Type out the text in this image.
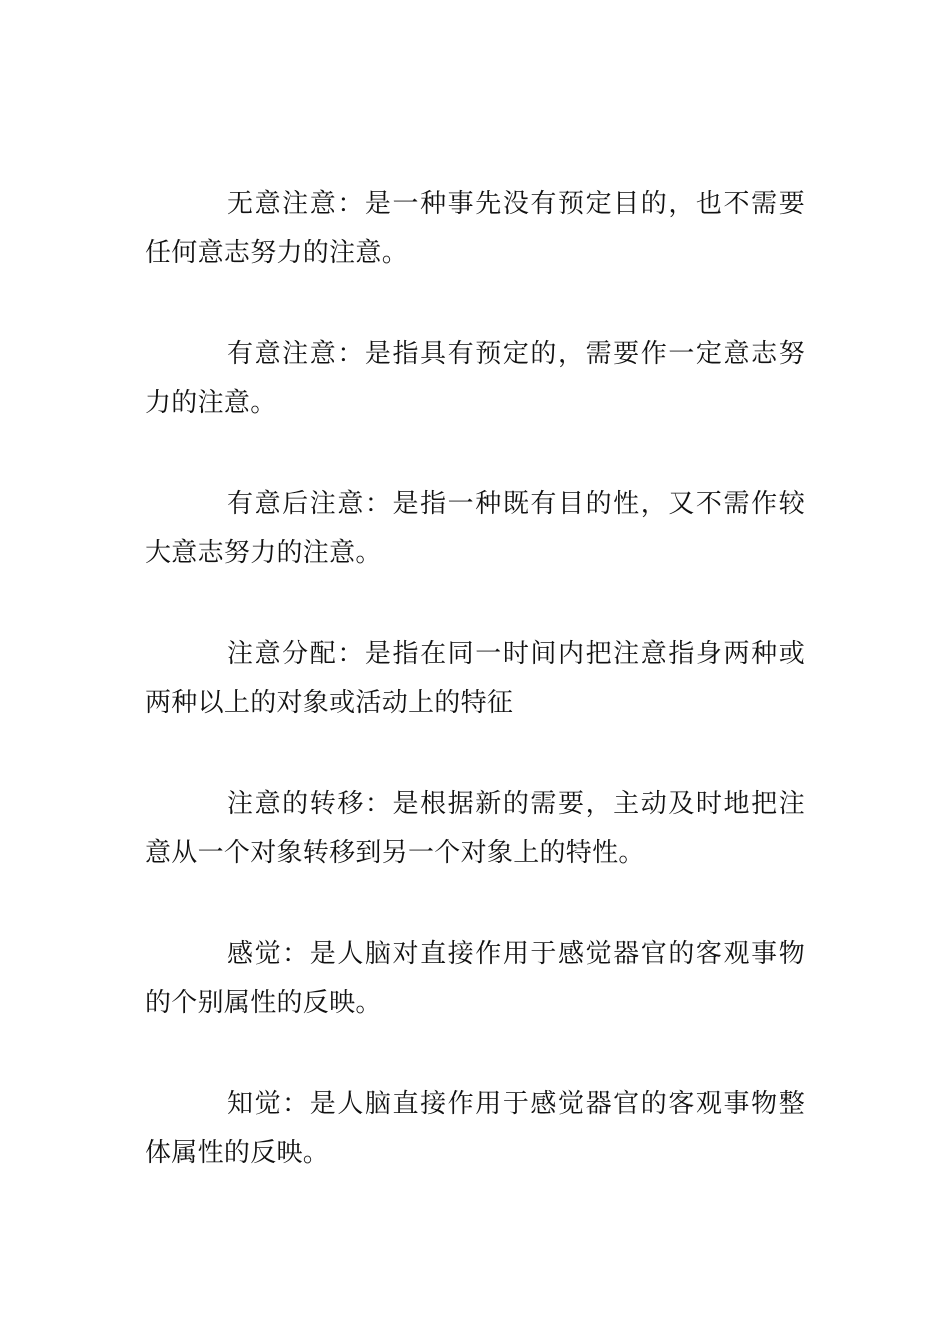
无意注意：是一种事先没有预定目的，也不需要任何意志努力的注意。

有意注意：是指具有预定的，需要作一定意志努力的注意。

有意后注意：是指一种既有目的性，又不需作较大意志努力的注意。

注意分配：是指在同一时间内把注意指身两种或两种以上的对象或活动上的特征

注意的转移：是根据新的需要，主动及时地把注意从一个对象转移到另一个对象上的特性。

感觉：是人脑对直接作用于感觉器官的客观事物的个别属性的反映。

知觉：是人脑直接作用于感觉器官的客观事物整体属性的反映。
